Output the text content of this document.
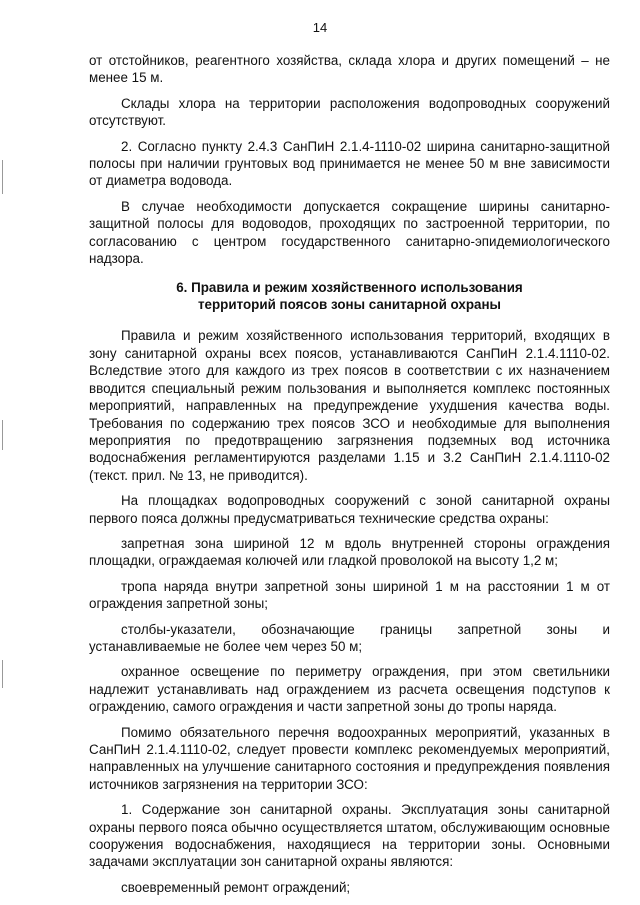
14

от отстойников, реагентного хозяйства, склада хлора и других помещений – не менее 15 м.

Склады хлора на территории расположения водопроводных сооружений отсутствуют.

2. Согласно пункту 2.4.3 СанПиН 2.1.4-1110-02 ширина санитарно-защитной полосы при наличии грунтовых вод принимается не менее 50 м вне зависимости от диаметра водовода.

В случае необходимости допускается сокращение ширины санитарно-защитной полосы для водоводов, проходящих по застроенной территории, по согласованию с центром государственного санитарно-эпидемиологического надзора.

6. Правила и режим хозяйственного использования
территорий поясов зоны санитарной охраны

Правила и режим хозяйственного использования территорий, входящих в зону санитарной охраны всех поясов, устанавливаются СанПиН 2.1.4.1110-02. Вследствие этого для каждого из трех поясов в соответствии с их назначением вводится специальный режим пользования и выполняется комплекс постоянных мероприятий, направленных на предупреждение ухудшения качества воды. Требования по содержанию трех поясов ЗСО и необходимые для выполнения мероприятия по предотвращению загрязнения подземных вод источника водоснабжения регламентируются разделами 1.15 и 3.2 СанПиН 2.1.4.1110-02 (текст. прил. № 13, не приводится).

На площадках водопроводных сооружений с зоной санитарной охраны первого пояса должны предусматриваться технические средства охраны:

запретная зона шириной 12 м вдоль внутренней стороны ограждения площадки, ограждаемая колючей или гладкой проволокой на высоту 1,2 м;

тропа наряда внутри запретной зоны шириной 1 м на расстоянии 1 м от ограждения запретной зоны;

столбы-указатели, обозначающие границы запретной зоны и устанавливаемые не более чем через 50 м;

охранное освещение по периметру ограждения, при этом светильники надлежит устанавливать над ограждением из расчета освещения подступов к ограждению, самого ограждения и части запретной зоны до тропы наряда.

Помимо обязательного перечня водоохранных мероприятий, указанных в СанПиН 2.1.4.1110-02, следует провести комплекс рекомендуемых мероприятий, направленных на улучшение санитарного состояния и предупреждения появления источников загрязнения на территории ЗСО:

1. Содержание зон санитарной охраны. Эксплуатация зоны санитарной охраны первого пояса обычно осуществляется штатом, обслуживающим основные сооружения водоснабжения, находящиеся на территории зоны. Основными задачами эксплуатации зон санитарной охраны являются:

своевременный ремонт ограждений;
